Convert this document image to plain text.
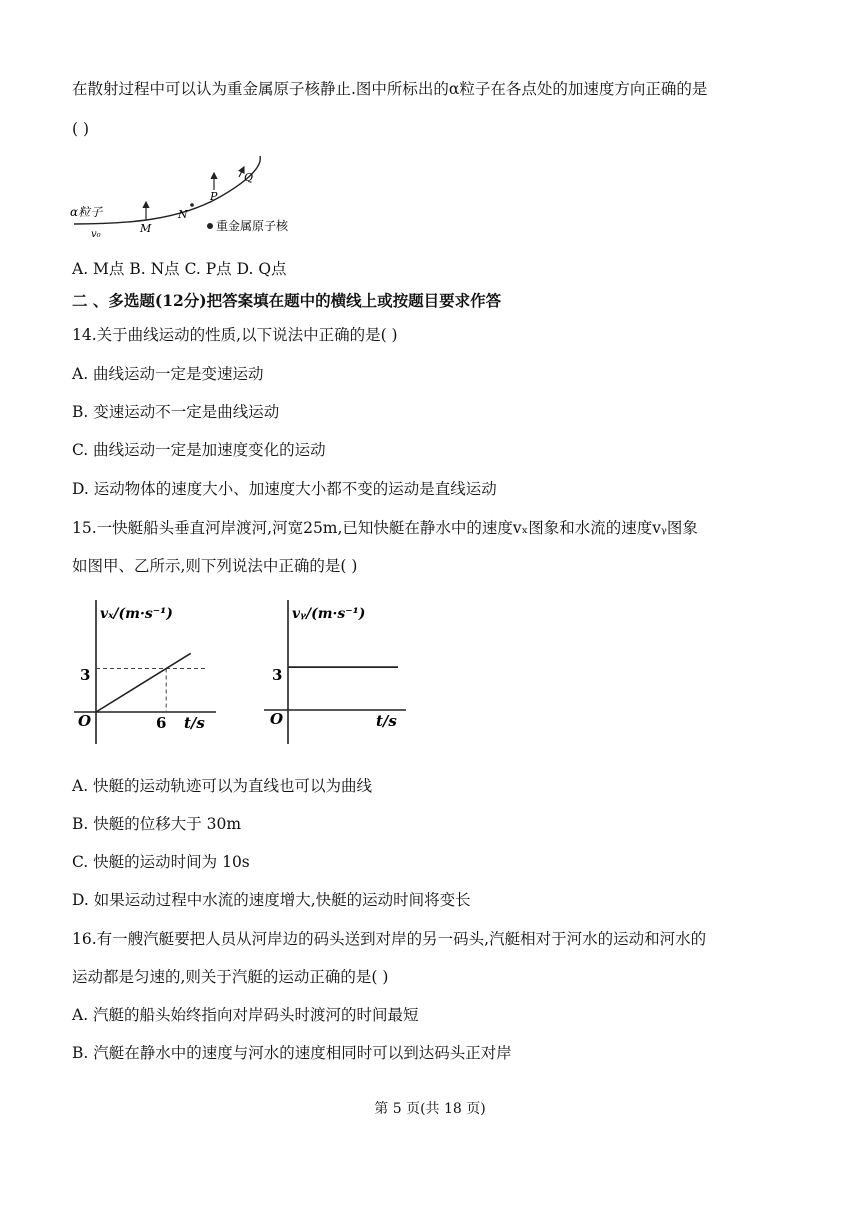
在散射过程中可以认为重金属原子核静止.图中所标出的α粒子在各点处的加速度方向正确的是
( )
α粒子
v₀	M
N
P
Q
重金属原子核
A. M点 B. N点 C. P点 D. Q点
二 、多选题(12分)把答案填在题中的横线上或按题目要求作答
14.关于曲线运动的性质,以下说法中正确的是( )
A. 曲线运动一定是变速运动
B. 变速运动不一定是曲线运动
C. 曲线运动一定是加速度变化的运动
D. 运动物体的速度大小、加速度大小都不变的运动是直线运动
15.一快艇船头垂直河岸渡河,河宽25m,已知快艇在静水中的速度vₓ图象和水流的速度vᵧ图象
如图甲、乙所示,则下列说法中正确的是( )
vₓ/(m·s⁻¹)
3
O	6 t/s
vᵧ/(m·s⁻¹)
3
O	t/s
A. 快艇的运动轨迹可以为直线也可以为曲线
B. 快艇的位移大于 30m
C. 快艇的运动时间为 10s
D. 如果运动过程中水流的速度增大,快艇的运动时间将变长
16.有一艘汽艇要把人员从河岸边的码头送到对岸的另一码头,汽艇相对于河水的运动和河水的
运动都是匀速的,则关于汽艇的运动正确的是( )
A. 汽艇的船头始终指向对岸码头时渡河的时间最短
B. 汽艇在静水中的速度与河水的速度相同时可以到达码头正对岸
第 5 页(共 18 页)
